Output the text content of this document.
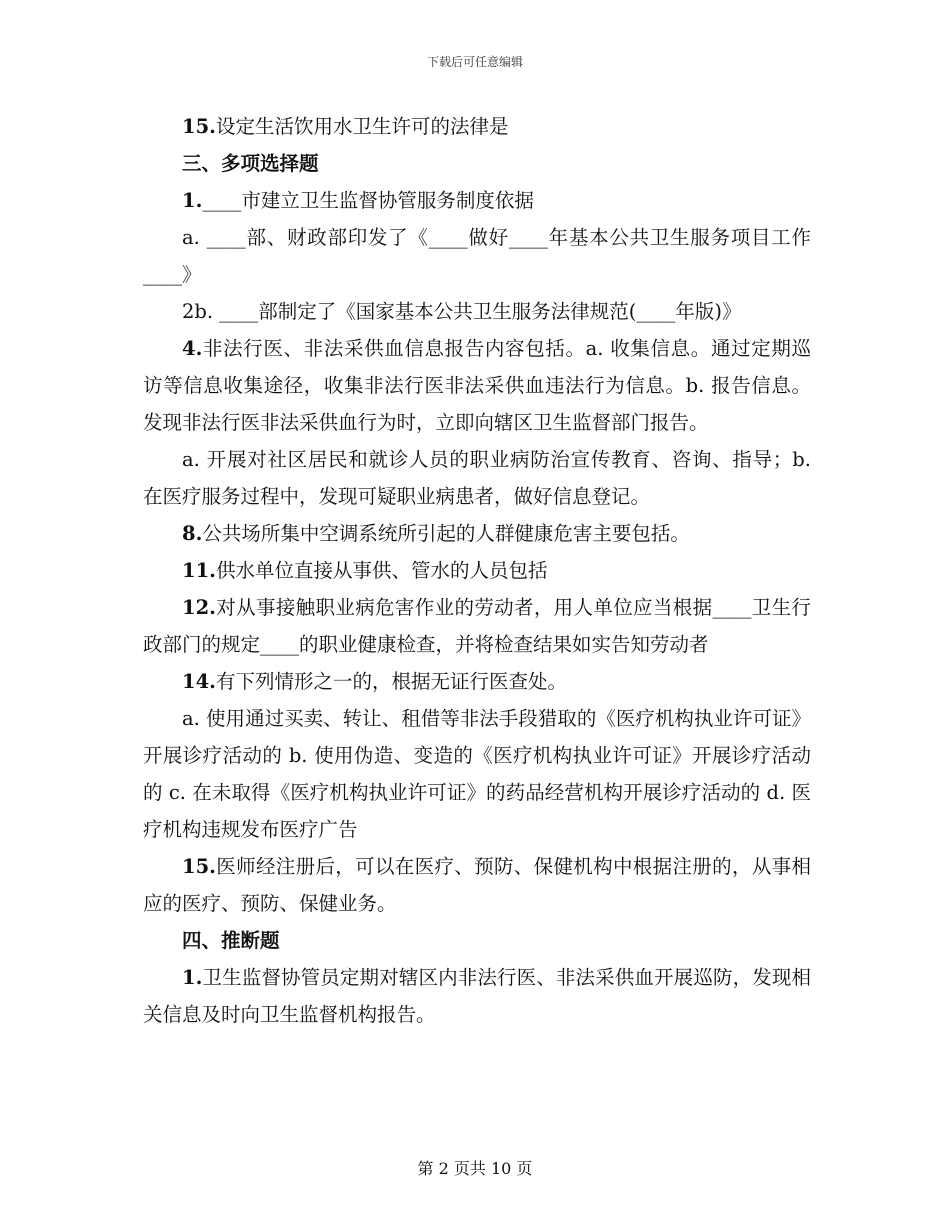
下载后可任意编辑

15.设定生活饮用水卫生许可的法律是

三、多项选择题

1.____市建立卫生监督协管服务制度依据

a. ____部、财政部印发了《____做好____年基本公共卫生服务项目工作____》

2b. ____部制定了《国家基本公共卫生服务法律规范(____年版)》

4.非法行医、非法采供血信息报告内容包括。a. 收集信息。通过定期巡访等信息收集途径，收集非法行医非法采供血违法行为信息。b. 报告信息。发现非法行医非法采供血行为时，立即向辖区卫生监督部门报告。

a. 开展对社区居民和就诊人员的职业病防治宣传教育、咨询、指导；b. 在医疗服务过程中，发现可疑职业病患者，做好信息登记。

8.公共场所集中空调系统所引起的人群健康危害主要包括。

11.供水单位直接从事供、管水的人员包括

12.对从事接触职业病危害作业的劳动者，用人单位应当根据____卫生行政部门的规定____的职业健康检查，并将检查结果如实告知劳动者

14.有下列情形之一的，根据无证行医查处。

a. 使用通过买卖、转让、租借等非法手段猎取的《医疗机构执业许可证》开展诊疗活动的 b. 使用伪造、变造的《医疗机构执业许可证》开展诊疗活动的 c. 在未取得《医疗机构执业许可证》的药品经营机构开展诊疗活动的 d. 医疗机构违规发布医疗广告

15.医师经注册后，可以在医疗、预防、保健机构中根据注册的，从事相应的医疗、预防、保健业务。

四、推断题

1.卫生监督协管员定期对辖区内非法行医、非法采供血开展巡防，发现相关信息及时向卫生监督机构报告。

第 2 页共 10 页
